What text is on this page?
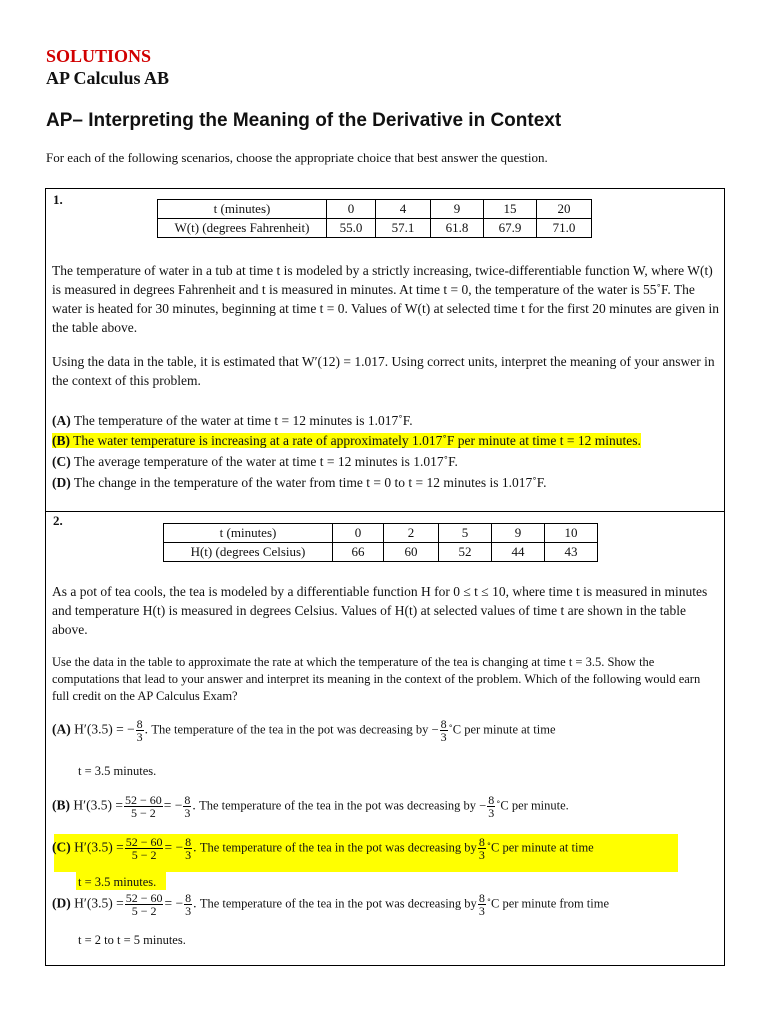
SOLUTIONS
AP Calculus AB
AP– Interpreting the Meaning of the Derivative in Context
For each of the following scenarios, choose the appropriate choice that best answer the question.
1.
t (minutes)	0	4	9	15	20
W(t) (degrees Fahrenheit)	55.0	57.1	61.8	67.9	71.0
The temperature of water in a tub at time t is modeled by a strictly increasing, twice-differentiable function W, where W(t) is measured in degrees Fahrenheit and t is measured in minutes. At time t = 0, the temperature of the water is 55˚F. The water is heated for 30 minutes, beginning at time t = 0. Values of W(t) at selected time t for the first 20 minutes are given in the table above.
Using the data in the table, it is estimated that W′(12) = 1.017. Using correct units, interpret the meaning of your answer in the context of this problem.
(A) The temperature of the water at time t = 12 minutes is 1.017˚F.
(B) The water temperature is increasing at a rate of approximately 1.017˚F per minute at time t = 12 minutes.
(C) The average temperature of the water at time t = 12 minutes is 1.017˚F.
(D) The change in the temperature of the water from time t = 0 to t = 12 minutes is 1.017˚F.
2.
t (minutes)	0	2	5	9	10
H(t) (degrees Celsius)	66	60	52	44	43
As a pot of tea cools, the tea is modeled by a differentiable function H for 0 ≤ t ≤ 10, where time t is measured in minutes and temperature H(t) is measured in degrees Celsius. Values of H(t) at selected values of time t are shown in the table above.
Use the data in the table to approximate the rate at which the temperature of the tea is changing at time t = 3.5. Show the computations that lead to your answer and interpret its meaning in the context of the problem. Which of the following would earn full credit on the AP Calculus Exam?
(A) H′(3.5) = − $\frac{8}{3}$ . The temperature of the tea in the pot was decreasing by − $\frac{8}{3}$ ˚C per minute at time
t = 3.5 minutes.
(B) $H'(3.5) = \frac{52 - 60}{5 - 2}$ = − $\frac{8}{3}$ . The temperature of the tea in the pot was decreasing by − $\frac{8}{3}$ ˚C per minute.
(C) $H'(3.5) = \frac{52 - 60}{5 - 2}$ = − $\frac{8}{3}$ . The temperature of the tea in the pot was decreasing by $\frac{8}{3}$ ˚C per minute at time
t = 3.5 minutes.
(D) $H'(3.5) = \frac{52 - 60}{5 - 2}$ = − $\frac{8}{3}$ . The temperature of the tea in the pot was decreasing by $\frac{8}{3}$ ˚C per minute from time
t = 2 to t = 5 minutes.
